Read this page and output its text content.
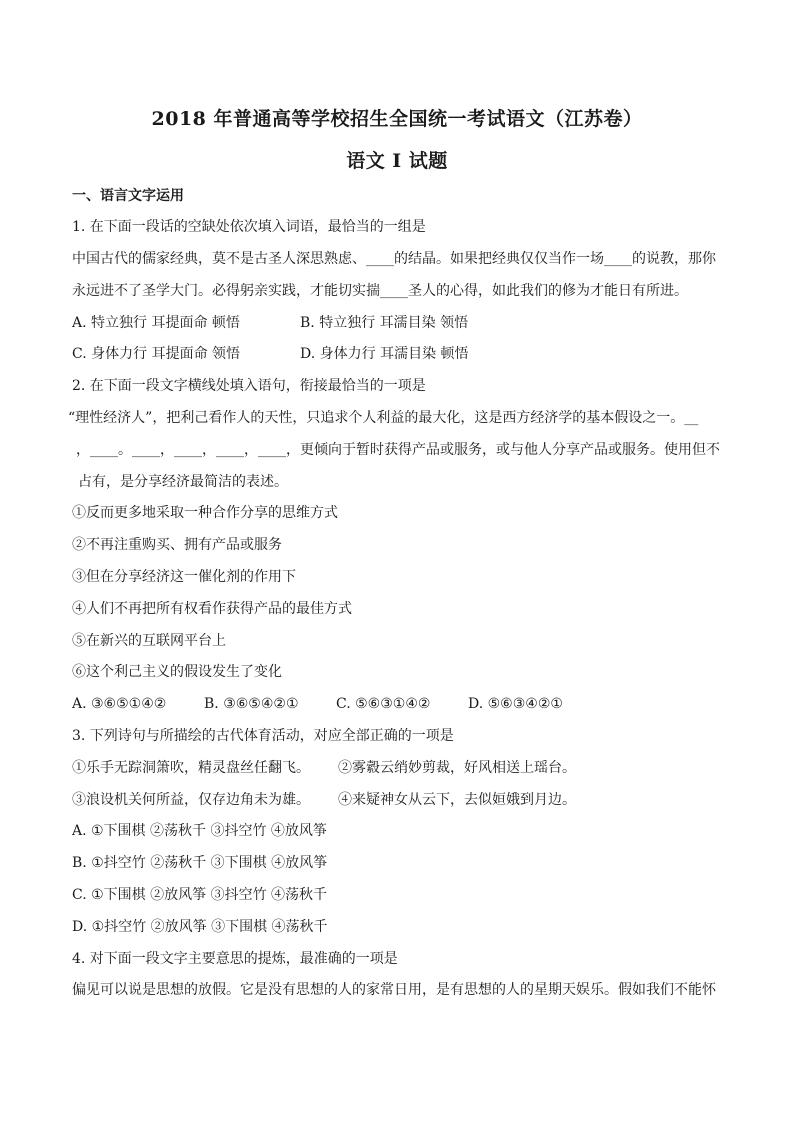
2018 年普通高等学校招生全国统一考试语文（江苏卷）
语文 I 试题
一、语言文字运用
1. 在下面一段话的空缺处依次填入词语，最恰当的一组是
中国古代的儒家经典，莫不是古圣人深思熟虑、____的结晶。如果把经典仅仅当作一场____的说教，那你
永远进不了圣学大门。必得躬亲实践，才能切实揣____圣人的心得，如此我们的修为才能日有所进。
A. 特立独行 耳提面命 顿悟	B. 特立独行 耳濡目染 领悟
C. 身体力行 耳提面命 领悟	D. 身体力行 耳濡目染 顿悟
2. 在下面一段文字横线处填入语句，衔接最恰当的一项是
“理性经济人”，把利己看作人的天性，只追求个人利益的最大化，这是西方经济学的基本假设之一。__
，____。____，____，____，____，更倾向于暂时获得产品或服务，或与他人分享产品或服务。使用但不
占有，是分享经济最简洁的表述。
①反而更多地采取一种合作分享的思维方式
②不再注重购买、拥有产品或服务
③但在分享经济这一催化剂的作用下
④人们不再把所有权看作获得产品的最佳方式
⑤在新兴的互联网平台上
⑥这个利己主义的假设发生了变化
A. ③⑥⑤①④②	B. ③⑥⑤④②①	C. ⑤⑥③①④②	D. ⑤⑥③④②①
3. 下列诗句与所描绘的古代体育活动，对应全部正确的一项是
①乐手无踪洞箫吹，精灵盘丝任翻飞。 ②雾縠云绡妙剪裁，好风相送上瑶台。
③浪设机关何所益，仅存边角未为雄。 ④来疑神女从云下，去似姮娥到月边。
A. ①下围棋 ②荡秋千 ③抖空竹 ④放风筝
B. ①抖空竹 ②荡秋千 ③下围棋 ④放风筝
C. ①下围棋 ②放风筝 ③抖空竹 ④荡秋千
D. ①抖空竹 ②放风筝 ③下围棋 ④荡秋千
4. 对下面一段文字主要意思的提炼，最准确的一项是
偏见可以说是思想的放假。它是没有思想的人的家常日用，是有思想的人的星期天娱乐。假如我们不能怀
